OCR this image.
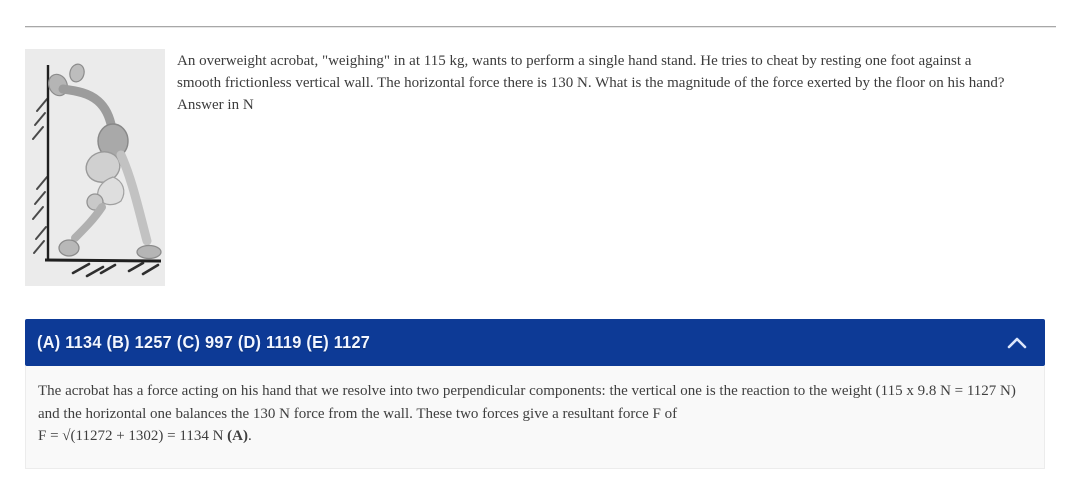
An overweight acrobat, "weighing" in at 115 kg, wants to perform a single hand stand. He tries to cheat by resting one foot against a
smooth frictionless vertical wall. The horizontal force there is 130 N. What is the magnitude of the force exerted by the floor on his hand?
Answer in N
(A) 1134 (B) 1257 (C) 997 (D) 1119 (E) 1127
The acrobat has a force acting on his hand that we resolve into two perpendicular components: the vertical one is the reaction to the weight (115 x 9.8 N = 1127 N)
and the horizontal one balances the 130 N force from the wall. These two forces give a resultant force F of
F = √(11272 + 1302) = 1134 N (A).
